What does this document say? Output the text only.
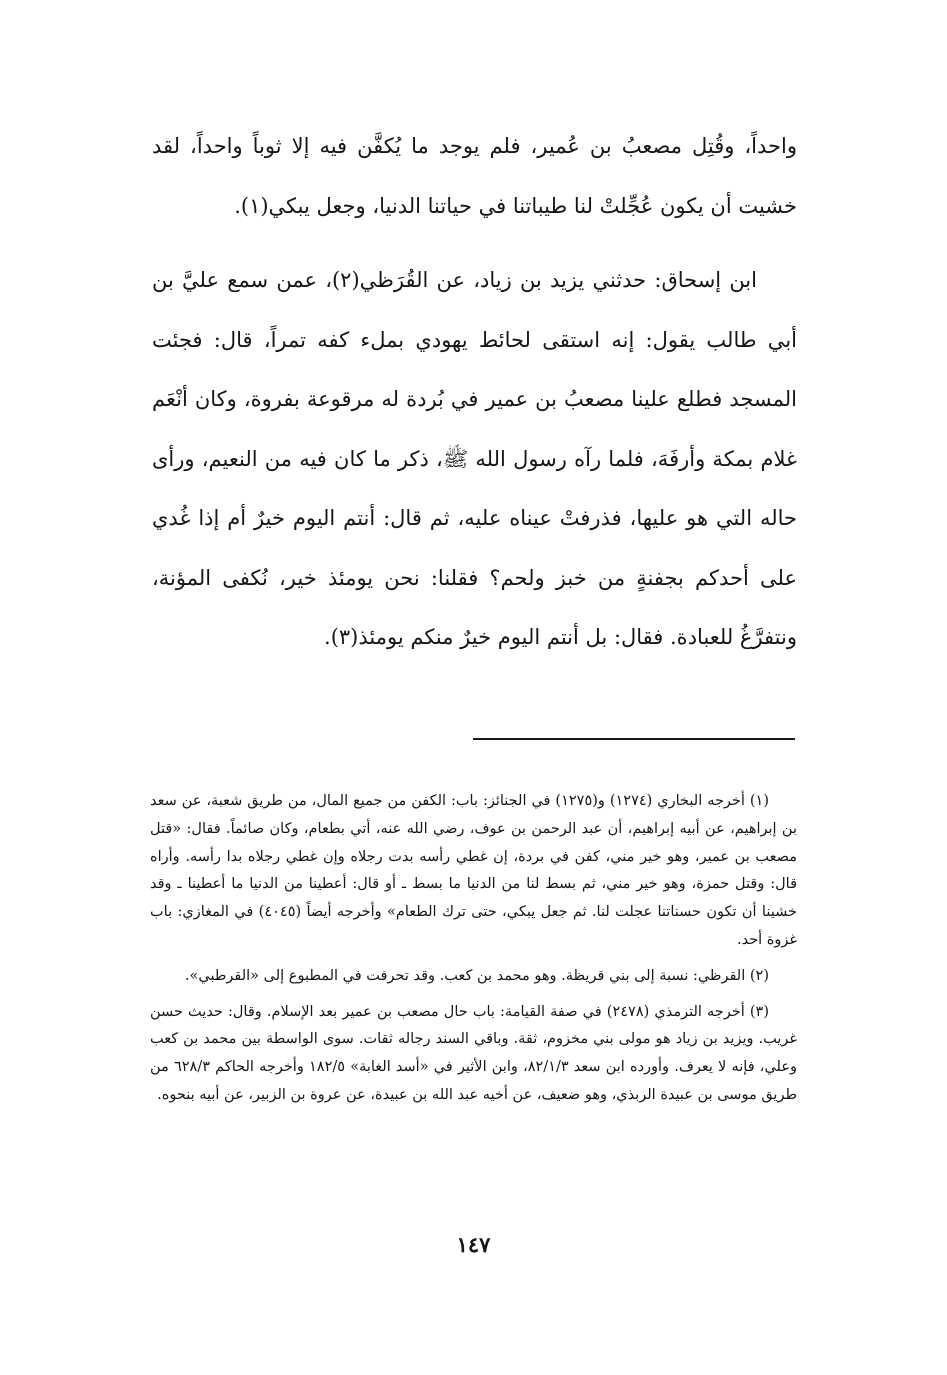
واحداً، وقُتِل مصعبُ بن عُمير، فلم يوجد ما يُكفَّن فيه إلا ثوباً واحداً، لقد خشيت أن يكون عُجِّلتْ لنا طيباتنا في حياتنا الدنيا، وجعل يبكي(١).

ابن إسحاق: حدثني يزيد بن زياد، عن القُرَظي(٢)، عمن سمع عليَّ بن أبي طالب يقول: إنه استقى لحائط يهودي بملء كفه تمراً، قال: فجئت المسجد فطلع علينا مصعبُ بن عمير في بُردة له مرقوعة بفروة، وكان أنْعَم غلام بمكة وأرفَهَ، فلما رآه رسول الله ﷺ، ذكر ما كان فيه من النعيم، ورأى حاله التي هو عليها، فذرفتْ عيناه عليه، ثم قال: أنتم اليوم خيرٌ أم إذا غُدي على أحدكم بجفنةٍ من خبز ولحم؟ فقلنا: نحن يومئذ خير، نُكفى المؤنة، ونتفرَّغُ للعبادة. فقال: بل أنتم اليوم خيرٌ منكم يومئذ(٣).

(١) أخرجه البخاري (١٢٧٤) و(١٢٧٥) في الجنائز: باب: الكفن من جميع المال، من طريق شعبة، عن سعد بن إبراهيم، عن أبيه إبراهيم، أن عبد الرحمن بن عوف، رضي الله عنه، أتي بطعام، وكان صائماً. فقال: «قتل مصعب بن عمير، وهو خير مني، كفن في بردة، إن غطي رأسه بدت رجلاه وإن غطي رجلاه بدا رأسه. وأراه قال: وقتل حمزة، وهو خير مني، ثم بسط لنا من الدنيا ما بسط ـ أو قال: أعطينا من الدنيا ما أعطينا ـ وقد خشينا أن تكون حسناتنا عجلت لنا. ثم جعل يبكي، حتى ترك الطعام» وأخرجه أيضاً (٤٠٤٥) في المغازي: باب غزوة أحد.

(٢) القرظي: نسبة إلى بني قريظة. وهو محمد بن كعب. وقد تحرفت في المطبوع إلى «القرطبي».

(٣) أخرجه الترمذي (٢٤٧٨) في صفة القيامة: باب حال مصعب بن عمير بعد الإسلام. وقال: حديث حسن غريب. ويزيد بن زياد هو مولى بني مخزوم، ثقة. وباقي السند رجاله ثقات. سوى الواسطة بين محمد بن كعب وعلي، فإنه لا يعرف. وأورده ابن سعد ٨٢/١/٣، وابن الأثير في «أسد الغابة» ١٨٢/٥ وأخرجه الحاكم ٦٢٨/٣ من طريق موسى بن عبيدة الربذي، وهو ضعيف، عن أخيه عبد الله بن عبيدة، عن عروة بن الزبير، عن أبيه بنحوه.

١٤٧
